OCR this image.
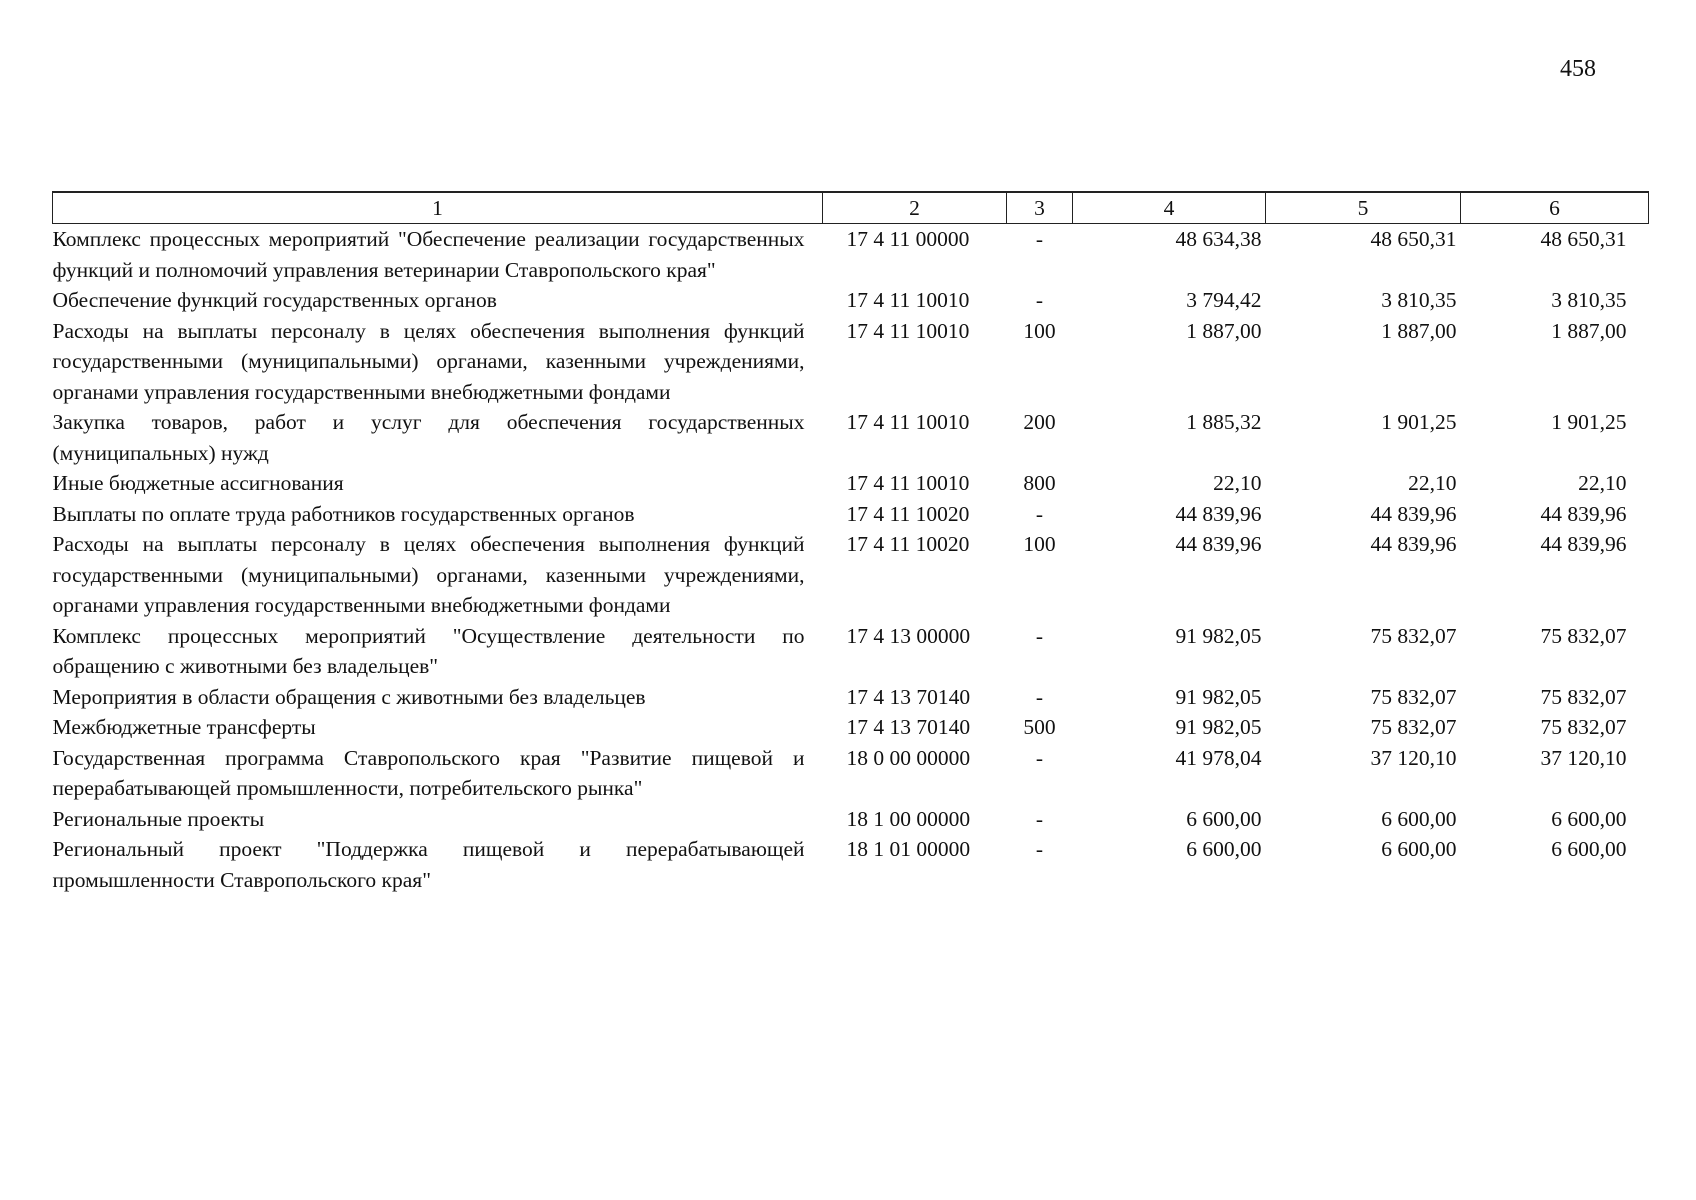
458
1	2	3	4	5	6
Комплекс процессных мероприятий "Обеспечение реализации государственных функций и полномочий управления ветеринарии Ставропольского края"	17 4 11 00000	-	48 634,38	48 650,31	48 650,31
Обеспечение функций государственных органов	17 4 11 10010	-	3 794,42	3 810,35	3 810,35
Расходы на выплаты персоналу в целях обеспечения выполнения функций государственными (муниципальными) органами, казенными учреждениями, органами управления государственными внебюджетными фондами	17 4 11 10010	100	1 887,00	1 887,00	1 887,00
Закупка товаров, работ и услуг для обеспечения государственных (муниципальных) нужд	17 4 11 10010	200	1 885,32	1 901,25	1 901,25
Иные бюджетные ассигнования	17 4 11 10010	800	22,10	22,10	22,10
Выплаты по оплате труда работников государственных органов	17 4 11 10020	-	44 839,96	44 839,96	44 839,96
Расходы на выплаты персоналу в целях обеспечения выполнения функций государственными (муниципальными) органами, казенными учреждениями, органами управления государственными внебюджетными фондами	17 4 11 10020	100	44 839,96	44 839,96	44 839,96
Комплекс процессных мероприятий "Осуществление деятельности по обращению с животными без владельцев"	17 4 13 00000	-	91 982,05	75 832,07	75 832,07
Мероприятия в области обращения с животными без владельцев	17 4 13 70140	-	91 982,05	75 832,07	75 832,07
Межбюджетные трансферты	17 4 13 70140	500	91 982,05	75 832,07	75 832,07
Государственная программа Ставропольского края "Развитие пищевой и перерабатывающей промышленности, потребительского рынка"	18 0 00 00000	-	41 978,04	37 120,10	37 120,10
Региональные проекты	18 1 00 00000	-	6 600,00	6 600,00	6 600,00
Региональный проект "Поддержка пищевой и перерабатывающей промышленности Ставропольского края"	18 1 01 00000	-	6 600,00	6 600,00	6 600,00
